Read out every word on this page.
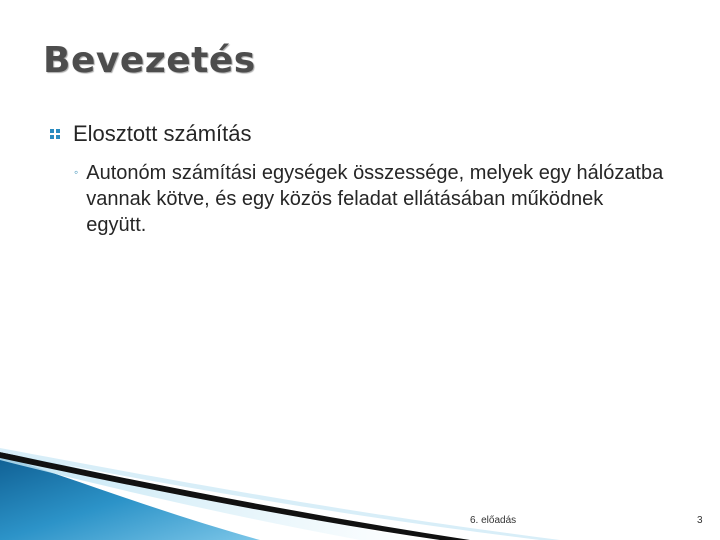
Bevezetés
Elosztott számítás
◦ Autonóm számítási egységek összessége, melyek egy hálózatba vannak kötve, és egy közös feladat ellátásában működnek együtt.
6. előadás	3
